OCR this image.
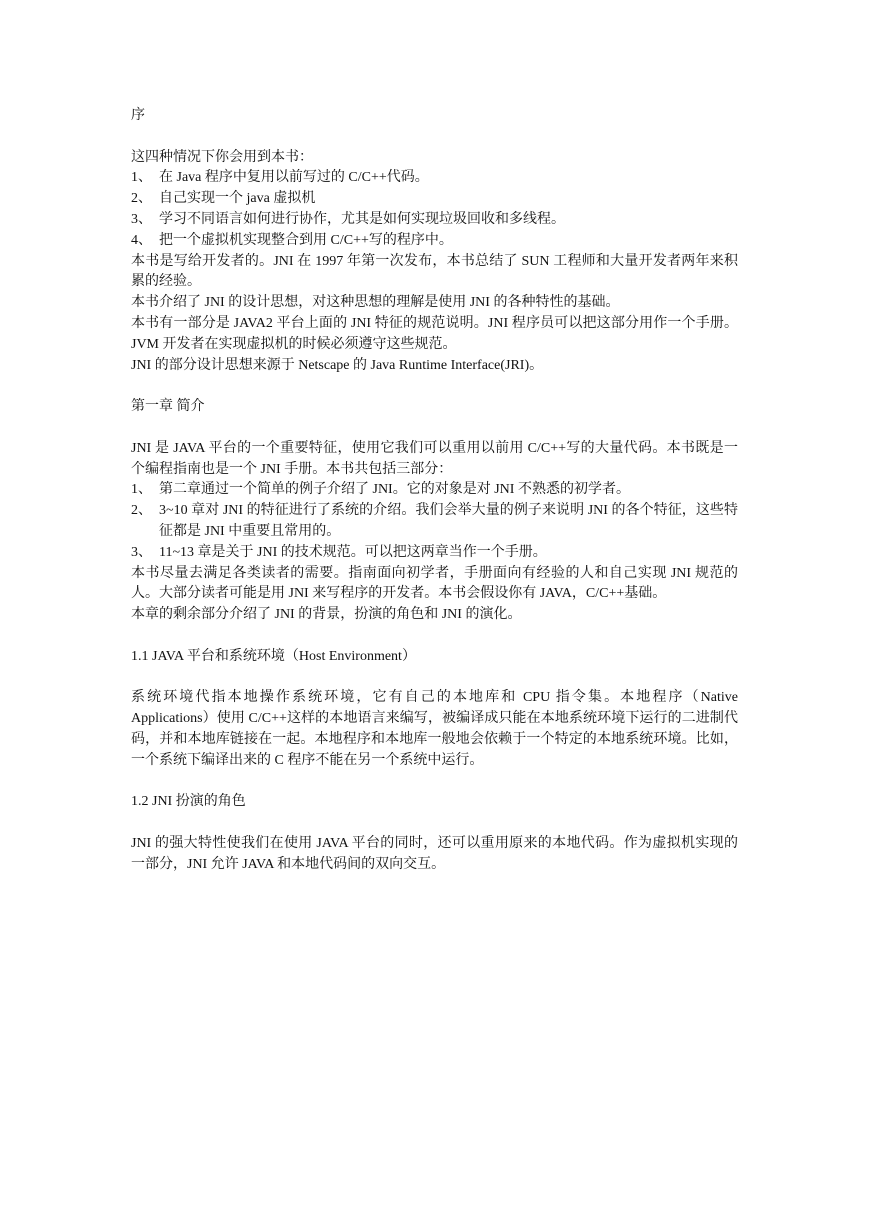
序

这四种情况下你会用到本书：

1、 在 Java 程序中复用以前写过的 C/C++代码。
2、 自己实现一个 java 虚拟机
3、 学习不同语言如何进行协作，尤其是如何实现垃圾回收和多线程。
4、 把一个虚拟机实现整合到用 C/C++写的程序中。

本书是写给开发者的。JNI 在 1997 年第一次发布，本书总结了 SUN 工程师和大量开发者两年来积累的经验。

本书介绍了 JNI 的设计思想，对这种思想的理解是使用 JNI 的各种特性的基础。

本书有一部分是 JAVA2 平台上面的 JNI 特征的规范说明。JNI 程序员可以把这部分用作一个手册。JVM 开发者在实现虚拟机的时候必须遵守这些规范。

JNI 的部分设计思想来源于 Netscape 的 Java Runtime Interface(JRI)。

第一章 简介

JNI 是 JAVA 平台的一个重要特征，使用它我们可以重用以前用 C/C++写的大量代码。本书既是一个编程指南也是一个 JNI 手册。本书共包括三部分：

1、 第二章通过一个简单的例子介绍了 JNI。它的对象是对 JNI 不熟悉的初学者。
2、 3~10 章对 JNI 的特征进行了系统的介绍。我们会举大量的例子来说明 JNI 的各个特征，这些特征都是 JNI 中重要且常用的。
3、 11~13 章是关于 JNI 的技术规范。可以把这两章当作一个手册。

本书尽量去满足各类读者的需要。指南面向初学者，手册面向有经验的人和自己实现 JNI 规范的人。大部分读者可能是用 JNI 来写程序的开发者。本书会假设你有 JAVA，C/C++基础。

本章的剩余部分介绍了 JNI 的背景，扮演的角色和 JNI 的演化。

1.1 JAVA 平台和系统环境（Host Environment）

系统环境代指本地操作系统环境，它有自己的本地库和 CPU 指令集。本地程序（Native Applications）使用 C/C++这样的本地语言来编写，被编译成只能在本地系统环境下运行的二进制代码，并和本地库链接在一起。本地程序和本地库一般地会依赖于一个特定的本地系统环境。比如，一个系统下编译出来的 C 程序不能在另一个系统中运行。

1.2 JNI 扮演的角色

JNI 的强大特性使我们在使用 JAVA 平台的同时，还可以重用原来的本地代码。作为虚拟机实现的一部分，JNI 允许 JAVA 和本地代码间的双向交互。
